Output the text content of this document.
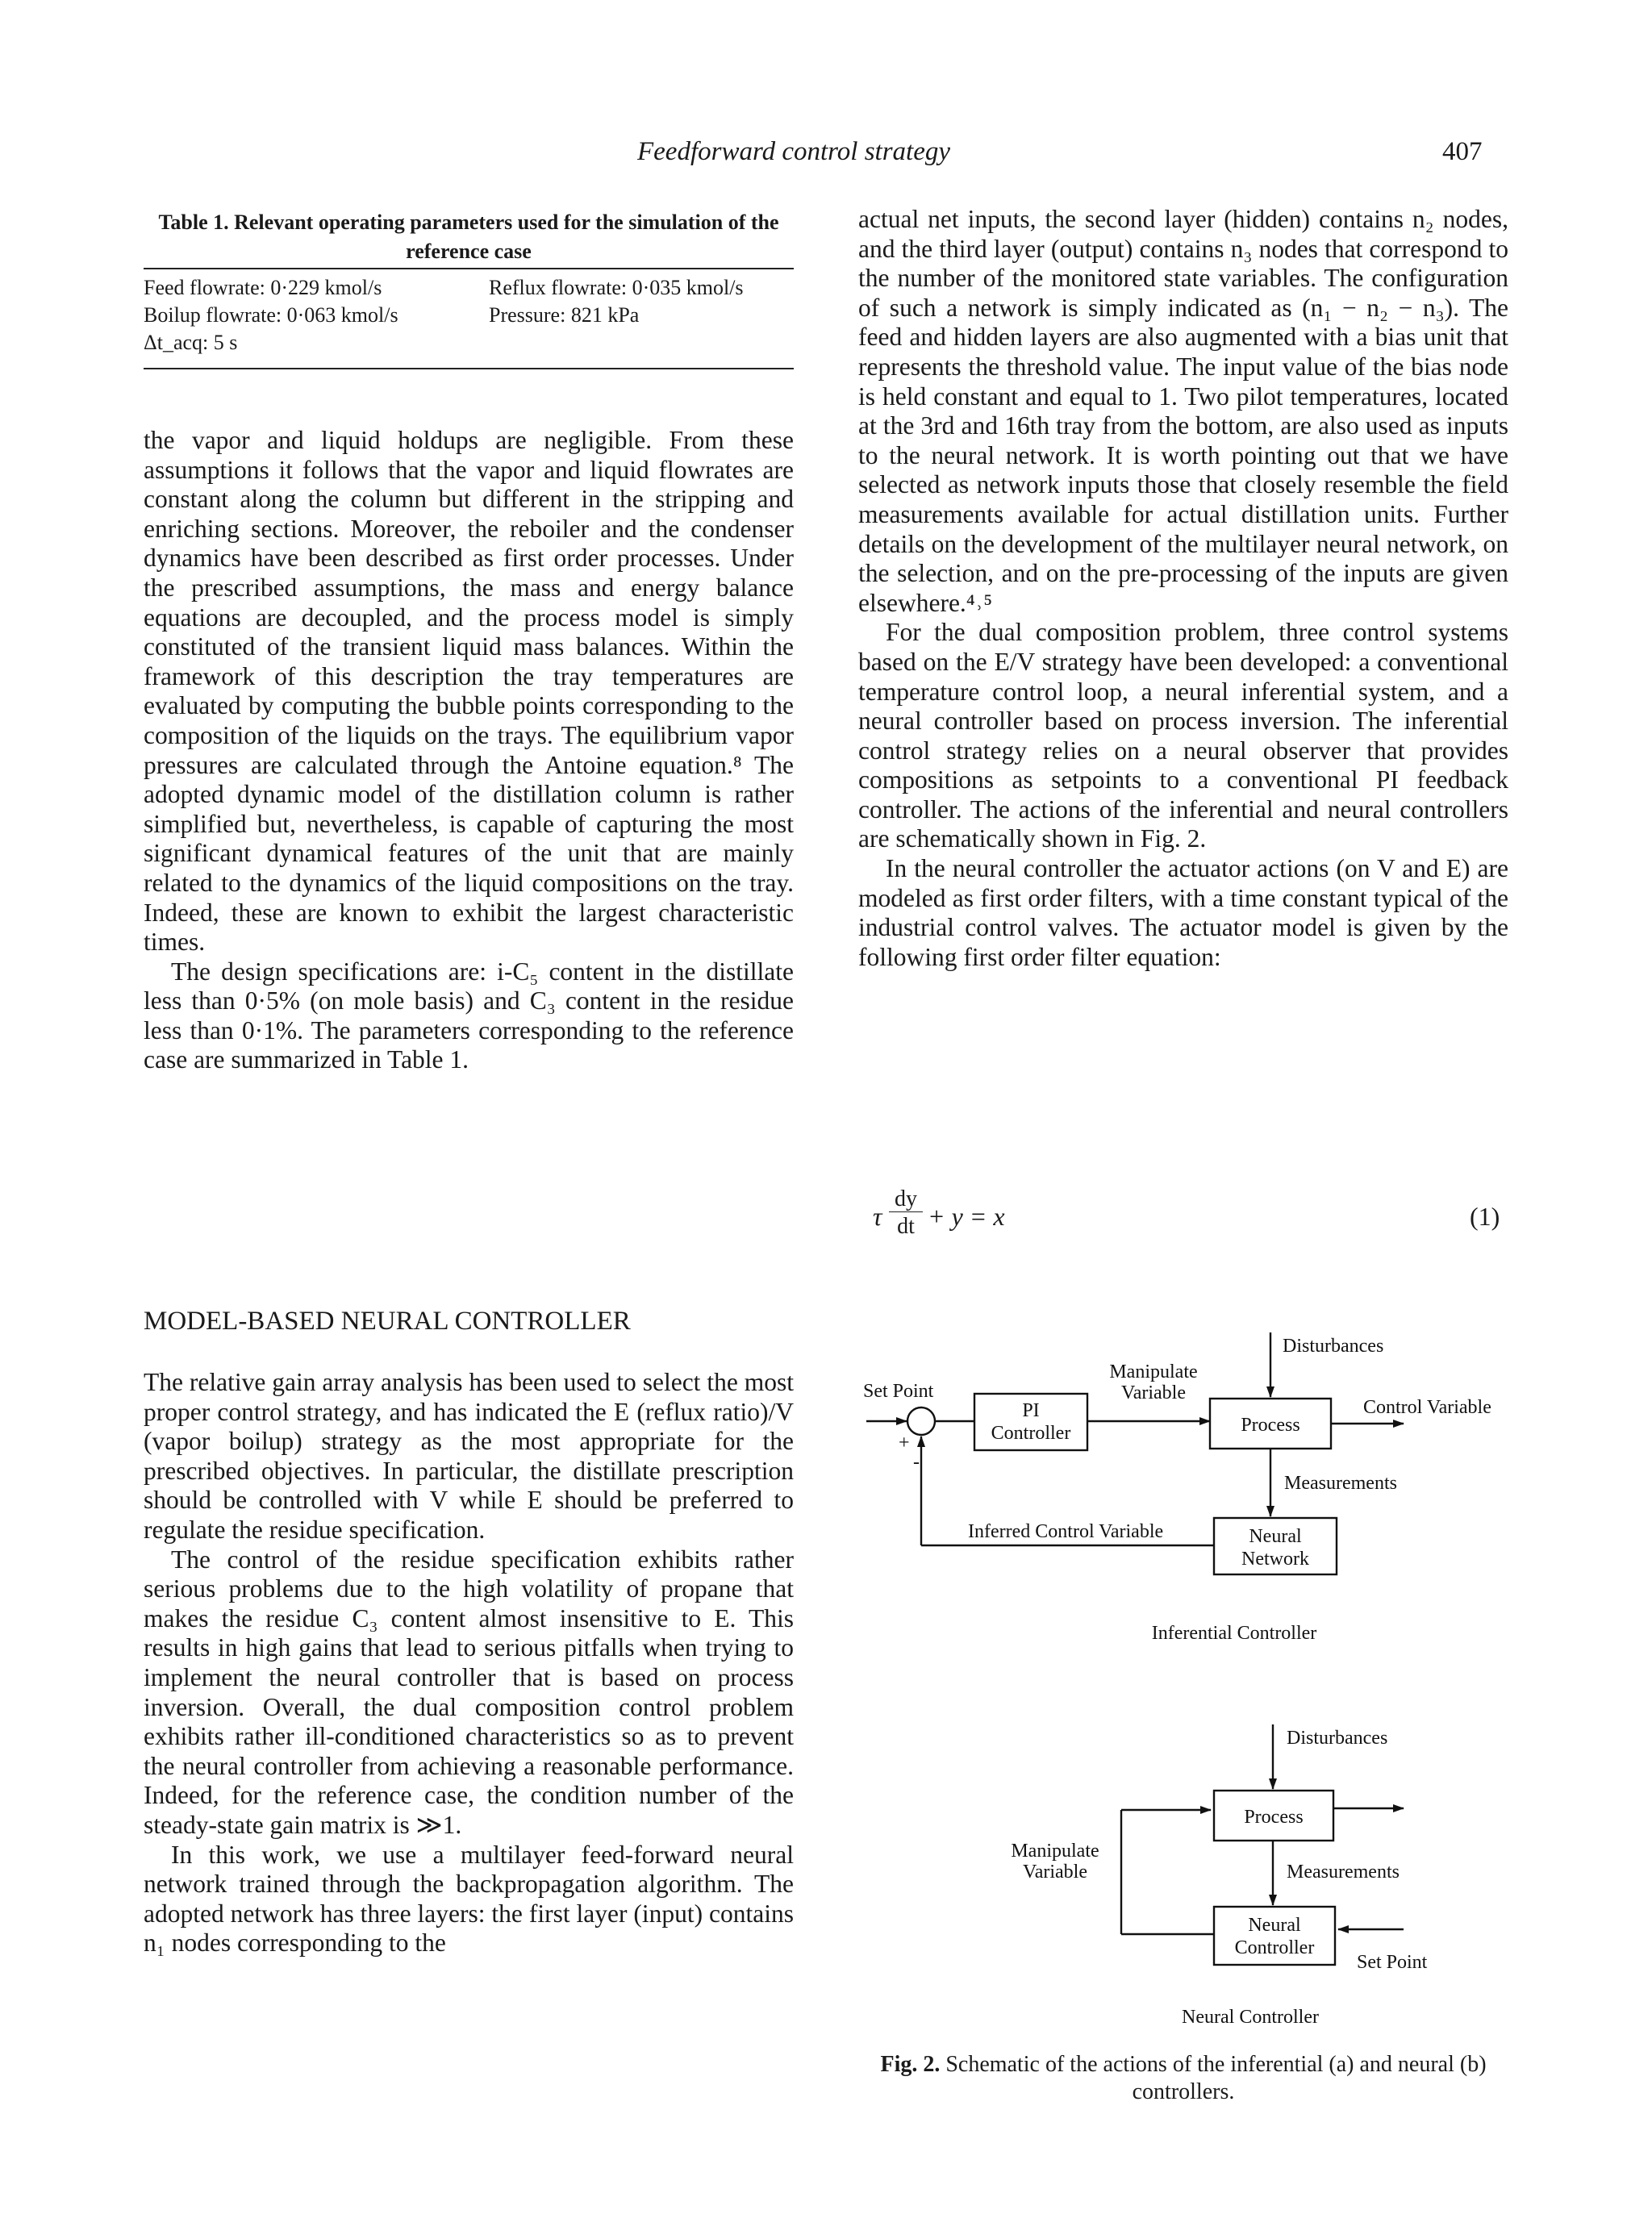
Feedforward control strategy	407
Table 1. Relevant operating parameters used for the simulation of the reference case
Feed flowrate: 0·229 kmol/s	Reflux flowrate: 0·035 kmol/s
Boilup flowrate: 0·063 kmol/s	Pressure: 821 kPa
Δt_acq: 5 s

the vapor and liquid holdups are negligible. From these assumptions it follows that the vapor and liquid flowrates are constant along the column but different in the stripping and enriching sections. Moreover, the reboiler and the condenser dynamics have been described as first order processes. Under the prescribed assumptions, the mass and energy balance equations are decoupled, and the process model is simply constituted of the transient liquid mass balances. Within the framework of this description the tray temperatures are evaluated by computing the bubble points corresponding to the composition of the liquids on the trays. The equilibrium vapor pressures are calculated through the Antoine equation.⁸ The adopted dynamic model of the distillation column is rather simplified but, nevertheless, is capable of capturing the most significant dynamical features of the unit that are mainly related to the dynamics of the liquid compositions on the tray. Indeed, these are known to exhibit the largest characteristic times.

The design specifications are: i-C₅ content in the distillate less than 0·5% (on mole basis) and C₃ content in the residue less than 0·1%. The parameters corresponding to the reference case are summarized in Table 1.

MODEL-BASED NEURAL CONTROLLER

The relative gain array analysis has been used to select the most proper control strategy, and has indicated the E (reflux ratio)/V (vapor boilup) strategy as the most appropriate for the prescribed objectives. In particular, the distillate prescription should be controlled with V while E should be preferred to regulate the residue specification.

The control of the residue specification exhibits rather serious problems due to the high volatility of propane that makes the residue C₃ content almost insensitive to E. This results in high gains that lead to serious pitfalls when trying to implement the neural controller that is based on process inversion. Overall, the dual composition control problem exhibits rather ill-conditioned characteristics so as to prevent the neural controller from achieving a reasonable performance. Indeed, for the reference case, the condition number of the steady-state gain matrix is ≫1.

In this work, we use a multilayer feed-forward neural network trained through the backpropagation algorithm. The adopted network has three layers: the first layer (input) contains n₁ nodes corresponding to the

actual net inputs, the second layer (hidden) contains n₂ nodes, and the third layer (output) contains n₃ nodes that correspond to the number of the monitored state variables. The configuration of such a network is simply indicated as (n₁ − n₂ − n₃). The feed and hidden layers are also augmented with a bias unit that represents the threshold value. The input value of the bias node is held constant and equal to 1. Two pilot temperatures, located at the 3rd and 16th tray from the bottom, are also used as inputs to the neural network. It is worth pointing out that we have selected as network inputs those that closely resemble the field measurements available for actual distillation units. Further details on the development of the multilayer neural network, on the selection, and on the pre-processing of the inputs are given elsewhere.⁴˒⁵

For the dual composition problem, three control systems based on the E/V strategy have been developed: a conventional temperature control loop, a neural inferential system, and a neural controller based on process inversion. The inferential control strategy relies on a neural observer that provides compositions as setpoints to a conventional PI feedback controller. The actions of the inferential and neural controllers are schematically shown in Fig. 2.

In the neural controller the actuator actions (on V and E) are modeled as first order filters, with a time constant typical of the industrial control valves. The actuator model is given by the following first order filter equation:

τ
dy
dt + y = x	(1)
Set Point
+
-
PI
Controller
Manipulate
Variable
Disturbances
Process
Control Variable
Measurements
Inferred Control Variable	Neural
Network
Inferential Controller
Disturbances
Process
Manipulate
Variable	Measurements
Neural
Controller
Set Point
Neural Controller
Fig. 2. Schematic of the actions of the inferential (a) and neural (b) controllers.
